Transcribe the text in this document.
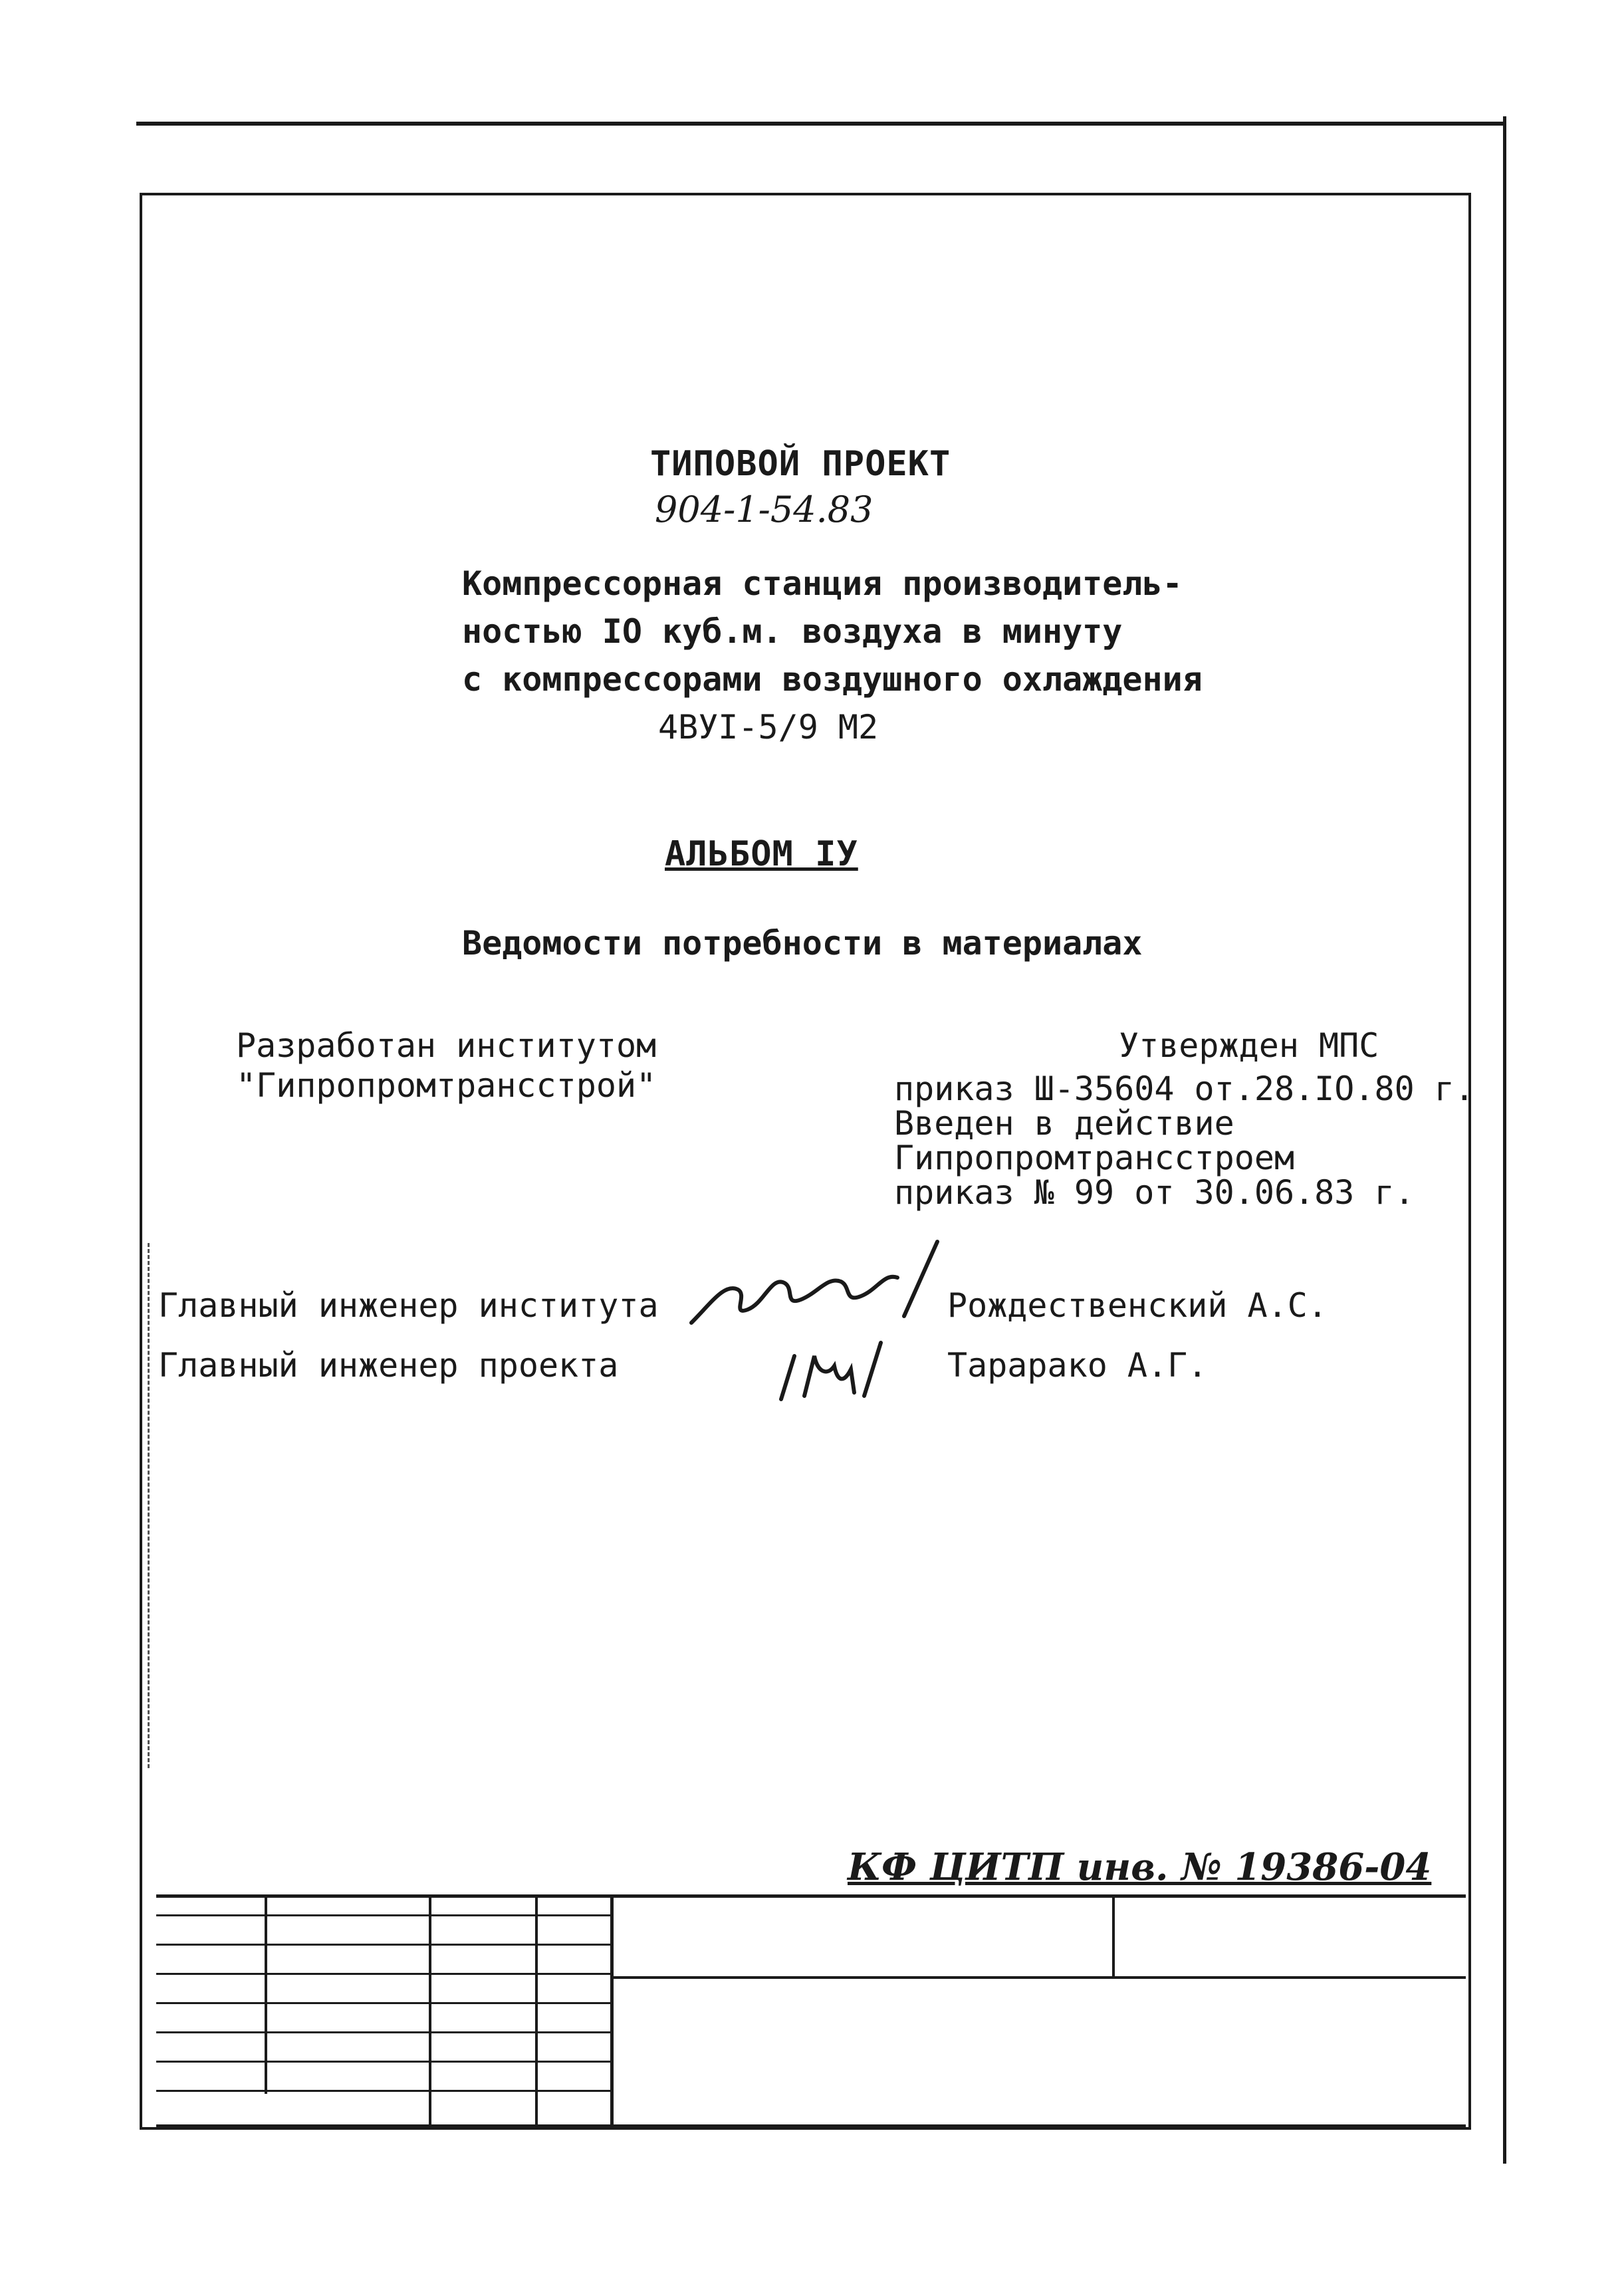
ТИПОВОЙ ПРОЕКТ
904-1-54.83
Компрессорная станция производитель-
ностью IO куб.м. воздуха в минуту
с компрессорами воздушного охлаждения
4ВУI-5/9 М2
АЛЬБОМ IУ
Ведомости потребности в материалах
Разработан институтом
"Гипропромтрансстрой"
Утвержден МПС
приказ Ш-35604 от.28.IO.80 г.
Введен в действие
Гипропромтрансстроем
приказ № 99 от 30.06.83 г.
Главный инженер института	Рождественский А.С.
Главный инженер проекта	Тарарако А.Г.
КФ ЦИТП инв. № 19386-04
